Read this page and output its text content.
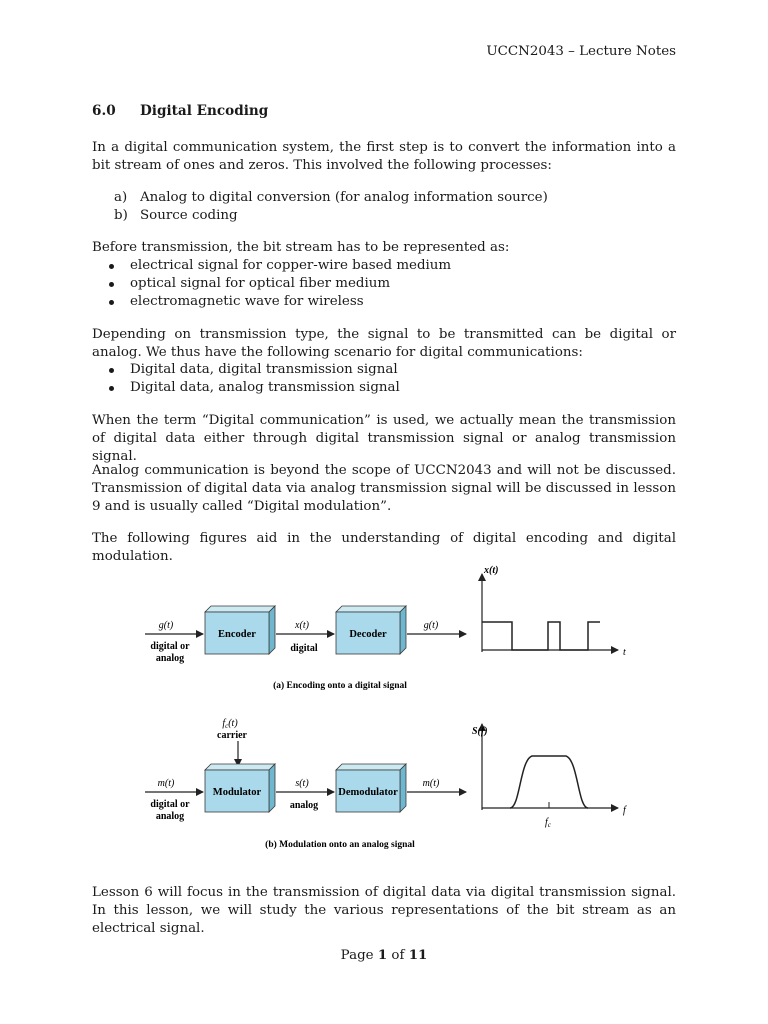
UCCN2043 – Lecture Notes
6.0 Digital Encoding

In a digital communication system, the first step is to convert the information into a bit stream of ones and zeros. This involved the following processes:

a) Analog to digital conversion (for analog information source)
b) Source coding

Before transmission, the bit stream has to be represented as:

electrical signal for copper-wire based medium
optical signal for optical fiber medium
electromagnetic wave for wireless

Depending on transmission type, the signal to be transmitted can be digital or analog. We thus have the following scenario for digital communications:

Digital data, digital transmission signal
Digital data, analog transmission signal

When the term “Digital communication” is used, we actually mean the transmission of digital data either through digital transmission signal or analog transmission signal.

Analog communication is beyond the scope of UCCN2043 and will not be discussed. Transmission of digital data via analog transmission signal will be discussed in lesson 9 and is usually called “Digital modulation”.

The following figures aid in the understanding of digital encoding and digital modulation.

g(t)
digital or
analog
Encoder
x(t)
digital
Decoder
g(t)
x(t)
t
(a) Encoding onto a digital signal
$f_c(t)$
carrier
m(t)
digital or
analog
Modulator
s(t)
analog
Demodulator
m(t)
S(f)
f
$f_c$
(b) Modulation onto an analog signal

Lesson 6 will focus in the transmission of digital data via digital transmission signal. In this lesson, we will study the various representations of the bit stream as an electrical signal.

Page 1 of 11
